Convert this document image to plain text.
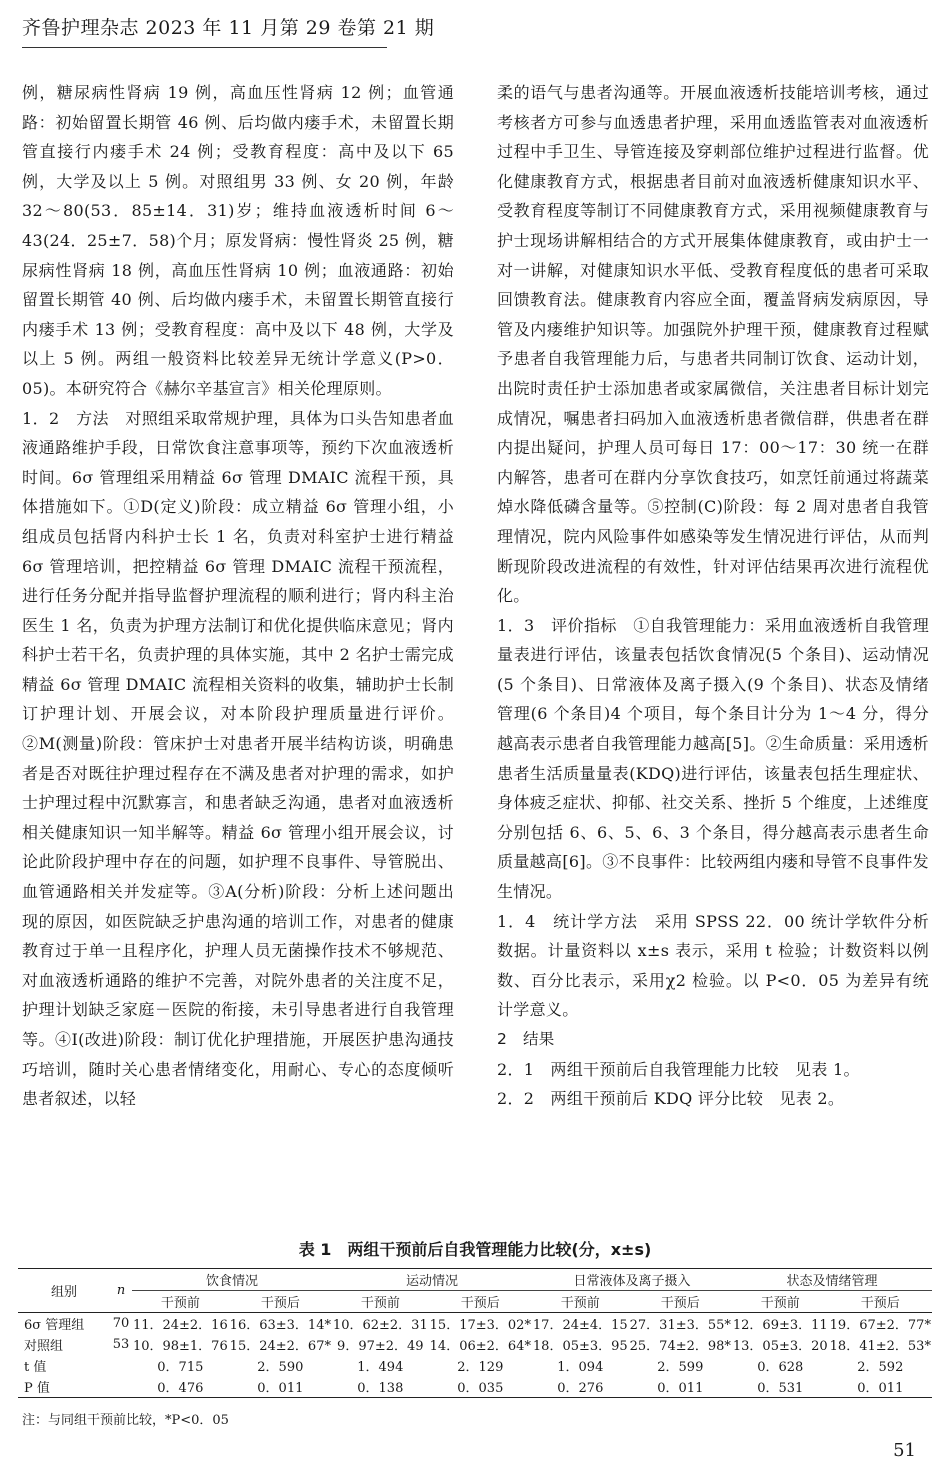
齐鲁护理杂志 2023 年 11 月第 29 卷第 21 期

例，糖尿病性肾病 19 例，高血压性肾病 12 例；血管通路：初始留置长期管 46 例、后均做内瘘手术，未留置长期管直接行内瘘手术 24 例；受教育程度：高中及以下 65 例，大学及以上 5 例。对照组男 33 例、女 20 例，年龄 32～80(53．85±14．31)岁；维持血液透析时间 6～43(24．25±7．58)个月；原发肾病：慢性肾炎 25 例，糖尿病性肾病 18 例，高血压性肾病 10 例；血液通路：初始留置长期管 40 例、后均做内瘘手术，未留置长期管直接行内瘘手术 13 例；受教育程度：高中及以下 48 例，大学及以上 5 例。两组一般资料比较差异无统计学意义(P>0．05)。本研究符合《赫尔辛基宣言》相关伦理原则。

1．2　方法　对照组采取常规护理，具体为口头告知患者血液通路维护手段，日常饮食注意事项等，预约下次血液透析时间。6σ 管理组采用精益 6σ 管理 DMAIC 流程干预，具体措施如下。①D(定义)阶段：成立精益 6σ 管理小组，小组成员包括肾内科护士长 1 名，负责对科室护士进行精益 6σ 管理培训，把控精益 6σ 管理 DMAIC 流程干预流程，进行任务分配并指导监督护理流程的顺利进行；肾内科主治医生 1 名，负责为护理方法制订和优化提供临床意见；肾内科护士若干名，负责护理的具体实施，其中 2 名护士需完成精益 6σ 管理 DMAIC 流程相关资料的收集，辅助护士长制订护理计划、开展会议，对本阶段护理质量进行评价。②M(测量)阶段：管床护士对患者开展半结构访谈，明确患者是否对既往护理过程存在不满及患者对护理的需求，如护士护理过程中沉默寡言，和患者缺乏沟通，患者对血液透析相关健康知识一知半解等。精益 6σ 管理小组开展会议，讨论此阶段护理中存在的问题，如护理不良事件、导管脱出、血管通路相关并发症等。③A(分析)阶段：分析上述问题出现的原因，如医院缺乏护患沟通的培训工作，对患者的健康教育过于单一且程序化，护理人员无菌操作技术不够规范、对血液透析通路的维护不完善，对院外患者的关注度不足，护理计划缺乏家庭－医院的衔接，未引导患者进行自我管理等。④I(改进)阶段：制订优化护理措施，开展医护患沟通技巧培训，随时关心患者情绪变化，用耐心、专心的态度倾听患者叙述，以轻

柔的语气与患者沟通等。开展血液透析技能培训考核，通过考核者方可参与血透患者护理，采用血透监管表对血液透析过程中手卫生、导管连接及穿刺部位维护过程进行监督。优化健康教育方式，根据患者目前对血液透析健康知识水平、受教育程度等制订不同健康教育方式，采用视频健康教育与护士现场讲解相结合的方式开展集体健康教育，或由护士一对一讲解，对健康知识水平低、受教育程度低的患者可采取回馈教育法。健康教育内容应全面，覆盖肾病发病原因，导管及内瘘维护知识等。加强院外护理干预，健康教育过程赋予患者自我管理能力后，与患者共同制订饮食、运动计划，出院时责任护士添加患者或家属微信，关注患者目标计划完成情况，嘱患者扫码加入血液透析患者微信群，供患者在群内提出疑问，护理人员可每日 17：00～17：30 统一在群内解答，患者可在群内分享饮食技巧，如烹饪前通过将蔬菜焯水降低磷含量等。⑤控制(C)阶段：每 2 周对患者自我管理情况，院内风险事件如感染等发生情况进行评估，从而判断现阶段改进流程的有效性，针对评估结果再次进行流程优化。

1．3　评价指标　①自我管理能力：采用血液透析自我管理量表进行评估，该量表包括饮食情况(5 个条目)、运动情况(5 个条目)、日常液体及离子摄入(9 个条目)、状态及情绪管理(6 个条目)4 个项目，每个条目计分为 1～4 分，得分越高表示患者自我管理能力越高[5]。②生命质量：采用透析患者生活质量量表(KDQ)进行评估，该量表包括生理症状、身体疲乏症状、抑郁、社交关系、挫折 5 个维度，上述维度分别包括 6、6、5、6、3 个条目，得分越高表示患者生命质量越高[6]。③不良事件：比较两组内瘘和导管不良事件发生情况。

1．4　统计学方法　采用 SPSS 22．00 统计学软件分析数据。计量资料以 x±s 表示，采用 t 检验；计数资料以例数、百分比表示，采用χ2 检验。以 P<0．05 为差异有统计学意义。

2　结果

2．1　两组干预前后自我管理能力比较　见表 1。

2．2　两组干预前后 KDQ 评分比较　见表 2。

表 1　两组干预前后自我管理能力比较(分，x±s)
组别	n	饮食情况		运动情况		日常液体及离子摄入		状态及情绪管理	
		干预前	干预后	干预前	干预后	干预前	干预后	干预前	干预后
6σ 管理组	70	11．24±2．16	16．63±3．14*	10．62±2．31	15．17±3．02*	17．24±4．15	27．31±3．55*	12．69±3．11	19．67±2．77*
对照组	53	10．98±1．76	15．24±2．67*	9．97±2．49	14．06±2．64*	18．05±3．95	25．74±2．98*	13．05±3．20	18．41±2．53*
t 值		0．715	2．590	1．494	2．129	1．094	2．599	0．628	2．592
P 值		0．476	0．011	0．138	0．035	0．276	0．011	0．531	0．011
注：与同组干预前比较，*P<0．05
51
